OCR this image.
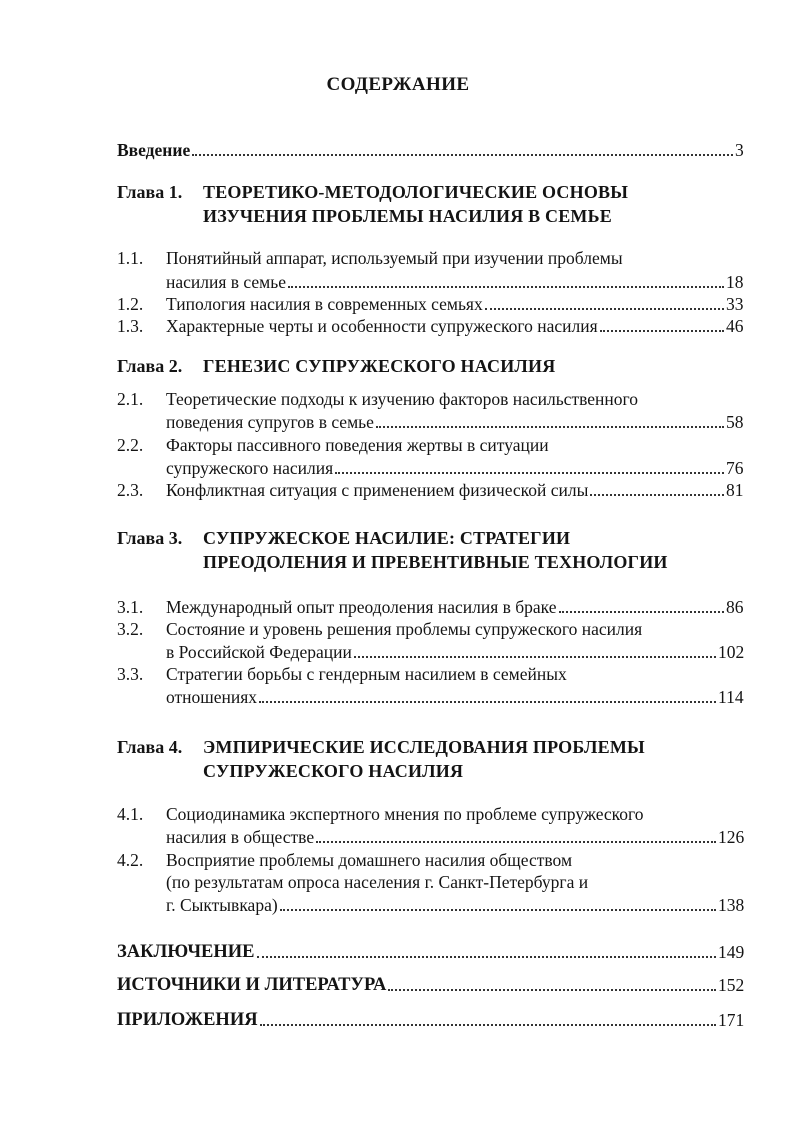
СОДЕРЖАНИЕ
Введение	3
Глава 1. ТЕОРЕТИКО-МЕТОДОЛОГИЧЕСКИЕ ОСНОВЫ
ИЗУЧЕНИЯ ПРОБЛЕМЫ НАСИЛИЯ В СЕМЬЕ
1.1. Понятийный аппарат, используемый при изучении проблемы
насилия в семье	18
1.2. Типология насилия в современных семьях	33
1.3. Характерные черты и особенности супружеского насилия	46
Глава 2. ГЕНЕЗИС СУПРУЖЕСКОГО НАСИЛИЯ
2.1. Теоретические подходы к изучению факторов насильственного
поведения супругов в семье	58
2.2. Факторы пассивного поведения жертвы в ситуации
супружеского насилия	76
2.3. Конфликтная ситуация с применением физической силы	81
Глава 3. СУПРУЖЕСКОЕ НАСИЛИЕ: СТРАТЕГИИ
ПРЕОДОЛЕНИЯ И ПРЕВЕНТИВНЫЕ ТЕХНОЛОГИИ
3.1. Международный опыт преодоления насилия в браке	86
3.2. Состояние и уровень решения проблемы супружеского насилия
в Российской Федерации	102
3.3. Стратегии борьбы с гендерным насилием в семейных
отношениях	114
Глава 4. ЭМПИРИЧЕСКИЕ ИССЛЕДОВАНИЯ ПРОБЛЕМЫ
СУПРУЖЕСКОГО НАСИЛИЯ
4.1. Социодинамика экспертного мнения по проблеме супружеского
насилия в обществе	126
4.2. Восприятие проблемы домашнего насилия обществом
(по результатам опроса населения г. Санкт-Петербурга и
г. Сыктывкара)	138
ЗАКЛЮЧЕНИЕ	149
ИСТОЧНИКИ И ЛИТЕРАТУРА	152
ПРИЛОЖЕНИЯ	171
